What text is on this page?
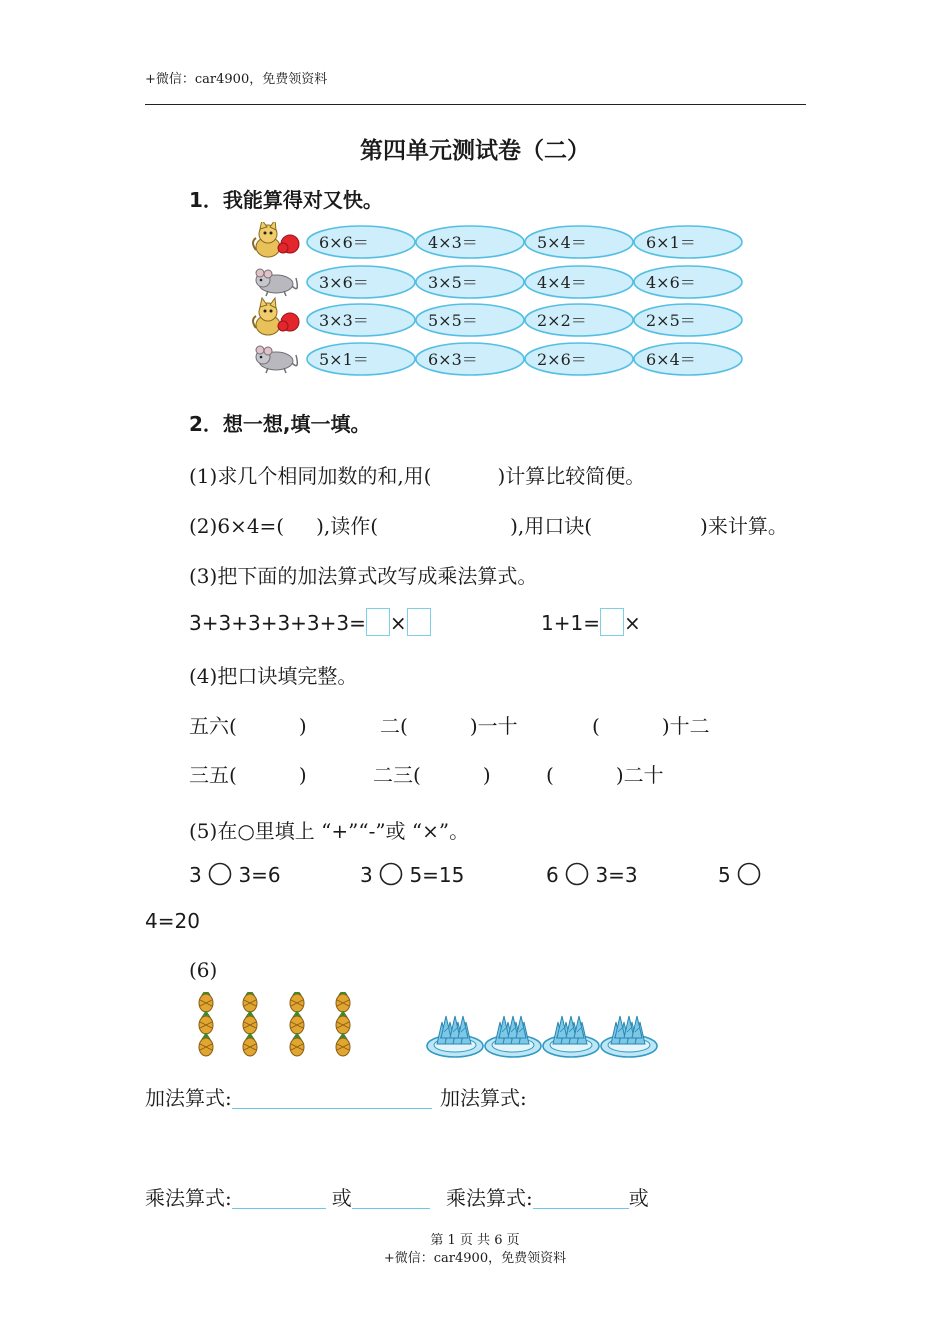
+微信：car4900，免费领资料
第四单元测试卷（二）
1．我能算得对又快。
6×6＝	4×3＝	5×4＝	6×1＝
3×6＝	3×5＝	4×4＝	4×6＝
3×3＝	5×5＝	2×2＝	2×5＝
5×1＝	6×3＝	2×6＝	6×4＝
2．想一想,填一填。
(1)求几个相同加数的和,用(	)计算比较简便。
(2)6×4=( ),读作(	),用口诀(	)来计算。
(3)把下面的加法算式改写成乘法算式。
3+3+3+3+3+3= ×	1+1= ×
(4)把口诀填完整。
五六(	)	二(	)一十	(	)十二
三五(	)	二三(	)	(	)二十
(5)在○里填上 “+”“-”或 “×”。
3 3=6	3 5=15	6 3=3	5
4=20
(6)
加法算式:	加法算式:
乘法算式:	或	乘法算式:	或
第 1 页 共 6 页
+微信：car4900，免费领资料
